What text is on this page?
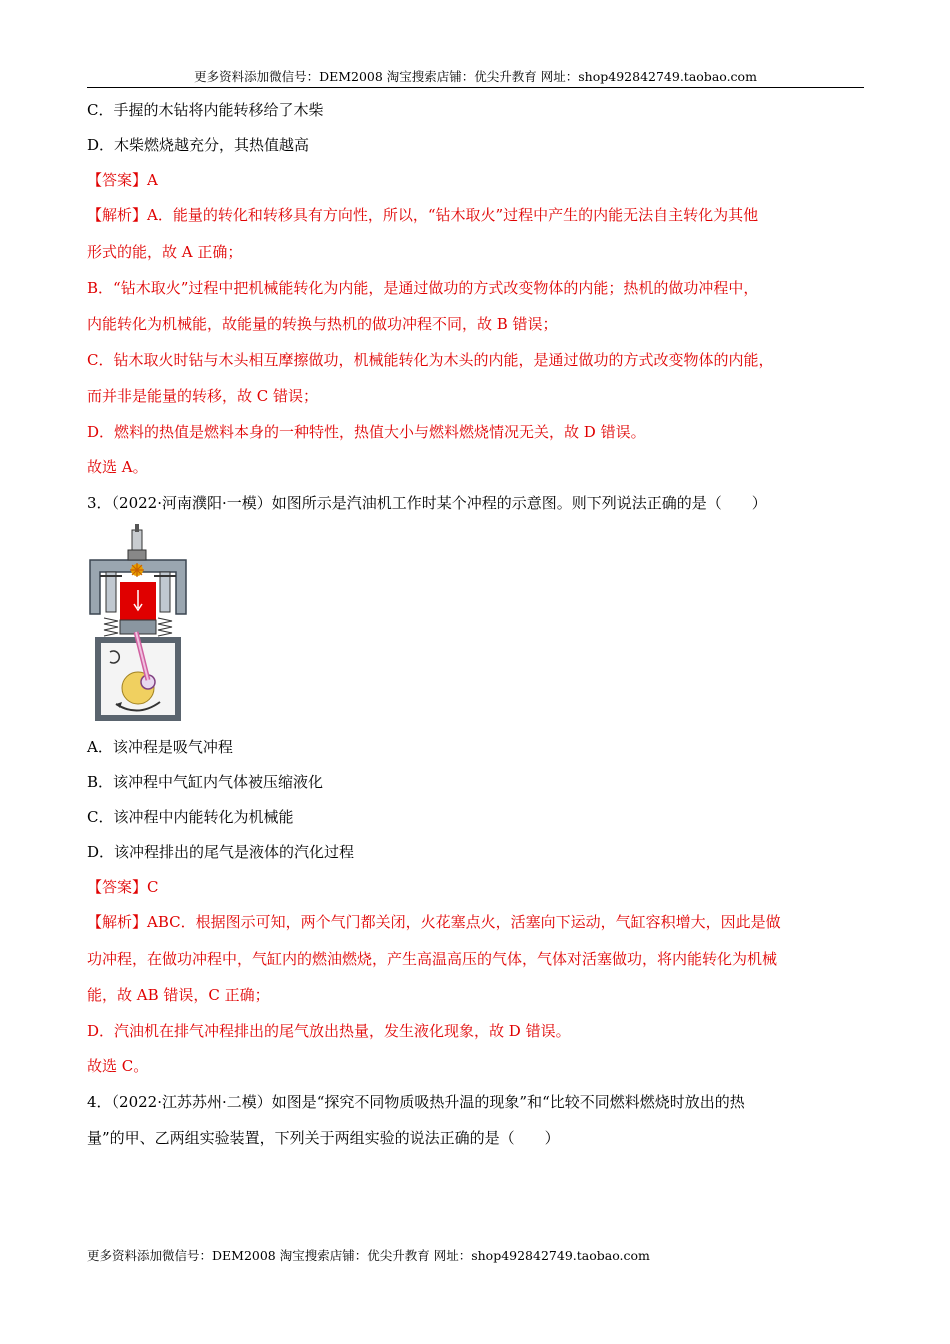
更多资料添加微信号：DEM2008 淘宝搜索店铺：优尖升教育 网址：shop492842749.taobao.com
C．手握的木钻将内能转移给了木柴
D．木柴燃烧越充分，其热值越高
【答案】A
【解析】A．能量的转化和转移具有方向性，所以，“钻木取火”过程中产生的内能无法自主转化为其他
形式的能，故 A 正确；
B．“钻木取火”过程中把机械能转化为内能，是通过做功的方式改变物体的内能；热机的做功冲程中，
内能转化为机械能，故能量的转换与热机的做功冲程不同，故 B 错误；
C．钻木取火时钻与木头相互摩擦做功，机械能转化为木头的内能，是通过做功的方式改变物体的内能，
而并非是能量的转移，故 C 错误；
D．燃料的热值是燃料本身的一种特性，热值大小与燃料燃烧情况无关，故 D 错误。
故选 A。
3．（2022·河南濮阳·一模）如图所示是汽油机工作时某个冲程的示意图。则下列说法正确的是（　　）
A．该冲程是吸气冲程
B．该冲程中气缸内气体被压缩液化
C．该冲程中内能转化为机械能
D．该冲程排出的尾气是液体的汽化过程
【答案】C
【解析】ABC．根据图示可知，两个气门都关闭，火花塞点火，活塞向下运动，气缸容积增大，因此是做
功冲程，在做功冲程中，气缸内的燃油燃烧，产生高温高压的气体，气体对活塞做功，将内能转化为机械
能，故 AB 错误，C 正确；
D．汽油机在排气冲程排出的尾气放出热量，发生液化现象，故 D 错误。
故选 C。
4．（2022·江苏苏州·二模）如图是“探究不同物质吸热升温的现象”和“比较不同燃料燃烧时放出的热
量”的甲、乙两组实验装置，下列关于两组实验的说法正确的是（　　）
更多资料添加微信号：DEM2008 淘宝搜索店铺：优尖升教育 网址：shop492842749.taobao.com
